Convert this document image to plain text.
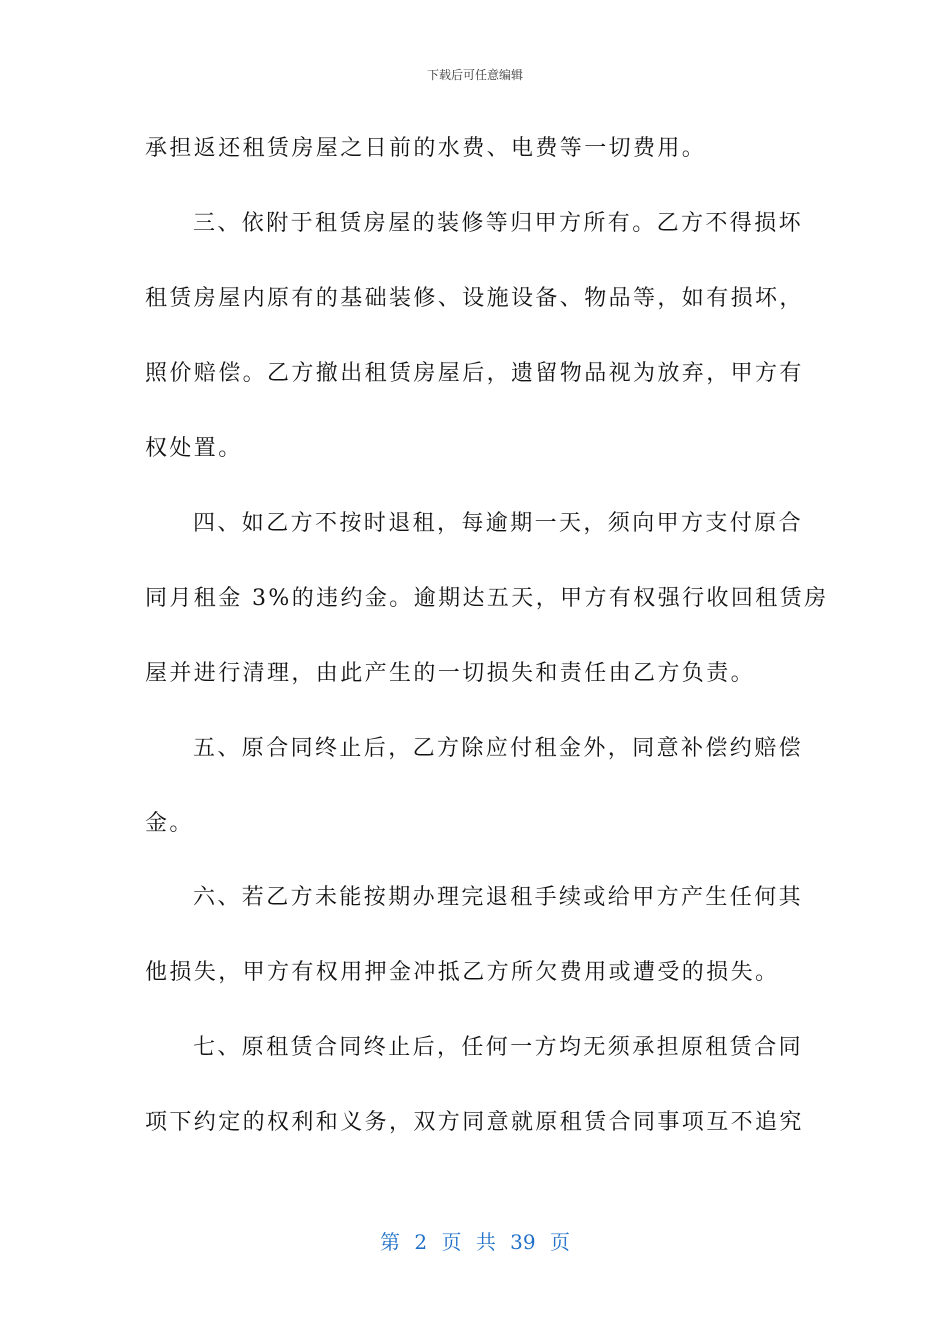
下载后可任意编辑
承担返还租赁房屋之日前的水费、电费等一切费用。
三、依附于租赁房屋的装修等归甲方所有。乙方不得损坏
租赁房屋内原有的基础装修、设施设备、物品等，如有损坏，
照价赔偿。乙方撤出租赁房屋后，遗留物品视为放弃，甲方有
权处置。
四、如乙方不按时退租，每逾期一天，须向甲方支付原合
同月租金 3%的违约金。逾期达五天，甲方有权强行收回租赁房
屋并进行清理，由此产生的一切损失和责任由乙方负责。
五、原合同终止后，乙方除应付租金外，同意补偿约赔偿
金。
六、若乙方未能按期办理完退租手续或给甲方产生任何其
他损失，甲方有权用押金冲抵乙方所欠费用或遭受的损失。
七、原租赁合同终止后，任何一方均无须承担原租赁合同
项下约定的权利和义务，双方同意就原租赁合同事项互不追究
第 2 页 共 39 页
